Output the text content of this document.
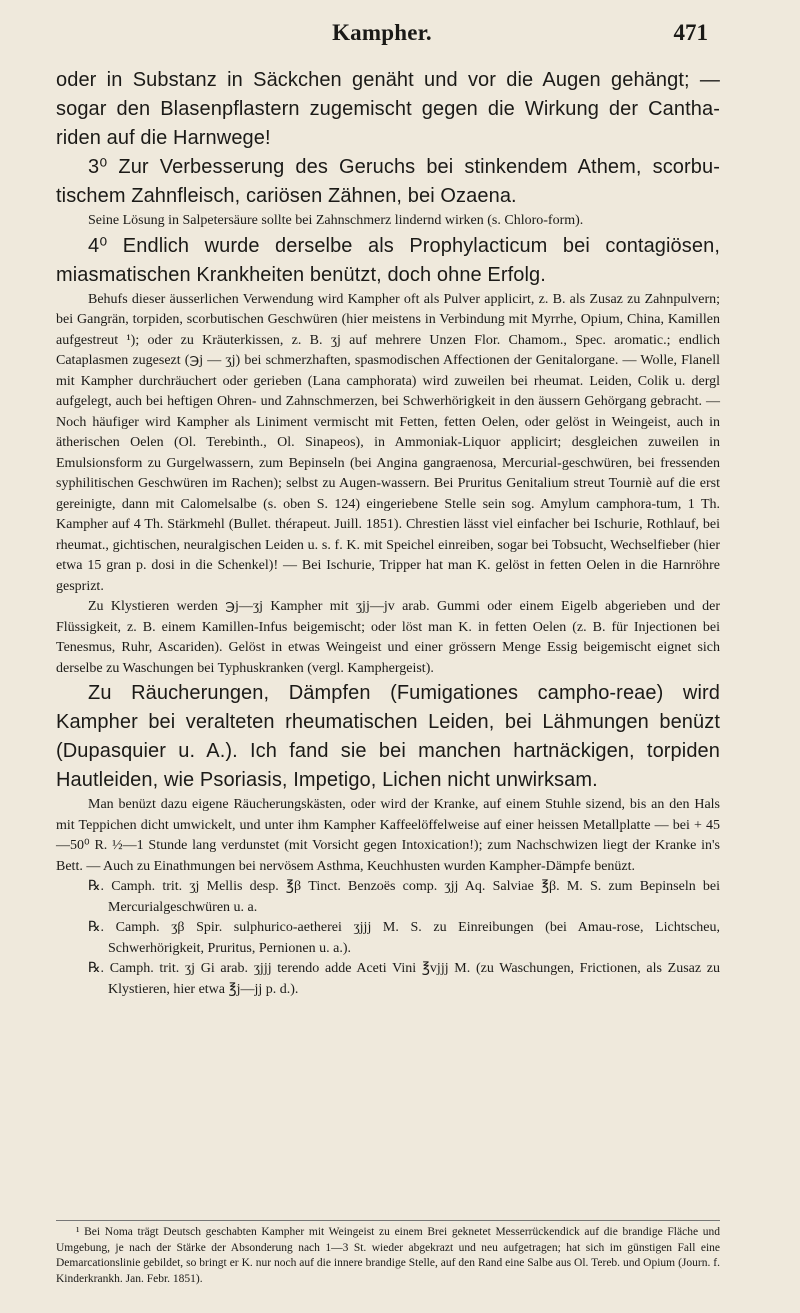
Kampher.	471

oder in Substanz in Säckchen genäht und vor die Augen gehängt; — sogar den Blasenpflastern zugemischt gegen die Wirkung der Cantha-riden auf die Harnwege!

3⁰ Zur Verbesserung des Geruchs bei stinkendem Athem, scorbu-tischem Zahnfleisch, cariösen Zähnen, bei Ozaena.

Seine Lösung in Salpetersäure sollte bei Zahnschmerz lindernd wirken (s. Chloro-form).

4⁰ Endlich wurde derselbe als Prophylacticum bei contagiösen, miasmatischen Krankheiten benützt, doch ohne Erfolg.

Behufs dieser äusserlichen Verwendung wird Kampher oft als Pulver applicirt, z. B. als Zusaz zu Zahnpulvern; bei Gangrän, torpiden, scorbutischen Geschwüren (hier meistens in Verbindung mit Myrrhe, Opium, China, Kamillen aufgestreut ¹); oder zu Kräuterkissen, z. B. ʒj auf mehrere Unzen Flor. Chamom., Spec. aromatic.; endlich Cataplasmen zugesezt (℈j — ʒj) bei schmerzhaften, spasmodischen Affectionen der Genitalorgane. — Wolle, Flanell mit Kampher durchräuchert oder gerieben (Lana camphorata) wird zuweilen bei rheumat. Leiden, Colik u. dergl aufgelegt, auch bei heftigen Ohren- und Zahnschmerzen, bei Schwerhörigkeit in den äussern Gehörgang gebracht. — Noch häufiger wird Kampher als Liniment vermischt mit Fetten, fetten Oelen, oder gelöst in Weingeist, auch in ätherischen Oelen (Ol. Terebinth., Ol. Sinapeos), in Ammoniak-Liquor applicirt; desgleichen zuweilen in Emulsionsform zu Gurgelwassern, zum Bepinseln (bei Angina gangraenosa, Mercurial-geschwüren, bei fressenden syphilitischen Geschwüren im Rachen); selbst zu Augen-wassern. Bei Pruritus Genitalium streut Tourniè auf die erst gereinigte, dann mit Calomelsalbe (s. oben S. 124) eingeriebene Stelle sein sog. Amylum camphora-tum, 1 Th. Kampher auf 4 Th. Stärkmehl (Bullet. thérapeut. Juill. 1851). Chrestien lässt viel einfacher bei Ischurie, Rothlauf, bei rheumat., gichtischen, neuralgischen Leiden u. s. f. K. mit Speichel einreiben, sogar bei Tobsucht, Wechselfieber (hier etwa 15 gran p. dosi in die Schenkel)! — Bei Ischurie, Tripper hat man K. gelöst in fetten Oelen in die Harnröhre gesprizt.

Zu Klystieren werden ℈j—ʒj Kampher mit ʒjj—jv arab. Gummi oder einem Eigelb abgerieben und der Flüssigkeit, z. B. einem Kamillen-Infus beigemischt; oder löst man K. in fetten Oelen (z. B. für Injectionen bei Tenesmus, Ruhr, Ascariden). Gelöst in etwas Weingeist und einer grössern Menge Essig beigemischt eignet sich derselbe zu Waschungen bei Typhuskranken (vergl. Kamphergeist).

Zu Räucherungen, Dämpfen (Fumigationes campho-reae) wird Kampher bei veralteten rheumatischen Leiden, bei Lähmungen benüzt (Dupasquier u. A.). Ich fand sie bei manchen hartnäckigen, torpiden Hautleiden, wie Psoriasis, Impetigo, Lichen nicht unwirksam.

Man benüzt dazu eigene Räucherungskästen, oder wird der Kranke, auf einem Stuhle sizend, bis an den Hals mit Teppichen dicht umwickelt, und unter ihm Kampher Kaffeelöffelweise auf einer heissen Metallplatte — bei + 45—50⁰ R. ½—1 Stunde lang verdunstet (mit Vorsicht gegen Intoxication!); zum Nachschwizen liegt der Kranke in's Bett. — Auch zu Einathmungen bei nervösem Asthma, Keuchhusten wurden Kampher-Dämpfe benüzt.

℞. Camph. trit. ʒj Mellis desp. ℥β Tinct. Benzoës comp. ʒjj Aq. Salviae ℥β. M. S. zum Bepinseln bei Mercurialgeschwüren u. a.

℞. Camph. ʒβ Spir. sulphurico-aetherei ʒjjj M. S. zu Einreibungen (bei Amau-rose, Lichtscheu, Schwerhörigkeit, Pruritus, Pernionen u. a.).

℞. Camph. trit. ʒj Gi arab. ʒjjj terendo adde Aceti Vini ℥vjjj M. (zu Waschungen, Frictionen, als Zusaz zu Klystieren, hier etwa ℥j—jj p. d.).

¹ Bei Noma trägt Deutsch geschabten Kampher mit Weingeist zu einem Brei geknetet Messerrückendick auf die brandige Fläche und Umgebung, je nach der Stärke der Absonderung nach 1—3 St. wieder abgekrazt und neu aufgetragen; hat sich im günstigen Fall eine Demarcationslinie gebildet, so bringt er K. nur noch auf die innere brandige Stelle, auf den Rand eine Salbe aus Ol. Tereb. und Opium (Journ. f. Kinderkrankh. Jan. Febr. 1851).
